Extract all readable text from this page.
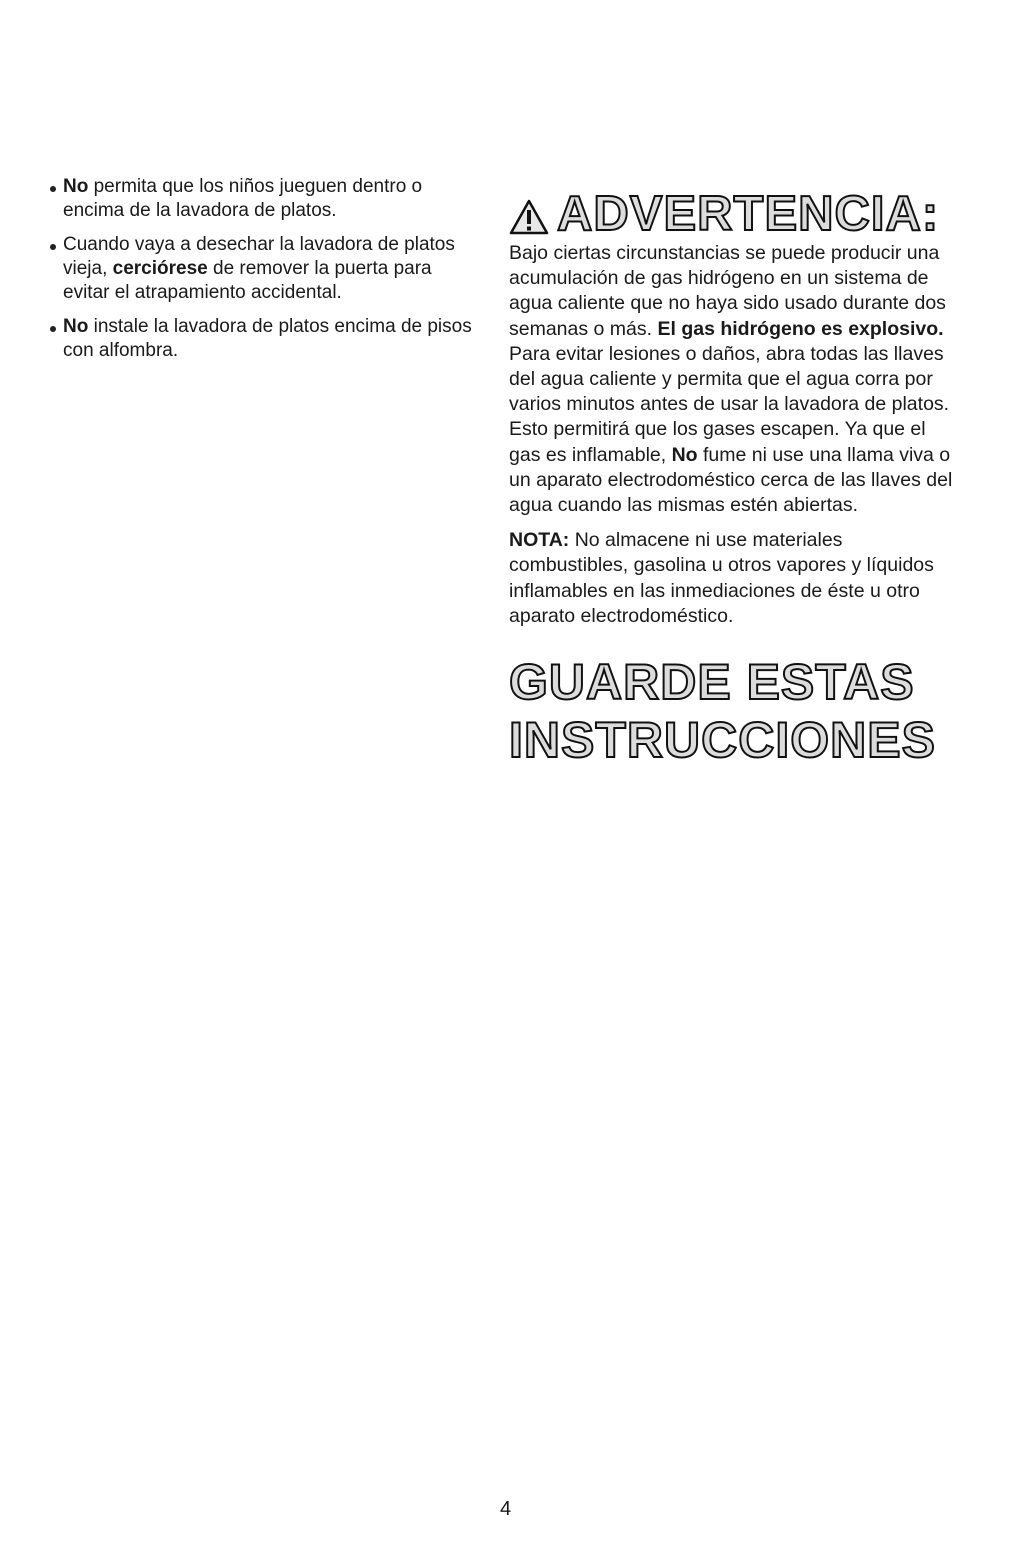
No permita que los niños jueguen dentro o encima de la lavadora de platos.
Cuando vaya a desechar la lavadora de platos vieja, cerciórese de remover la puerta para evitar el atrapamiento accidental.
No instale la lavadora de platos encima de pisos con alfombra.
ADVERTENCIA:

Bajo ciertas circunstancias se puede producir una acumulación de gas hidrógeno en un sistema de agua caliente que no haya sido usado durante dos semanas o más. El gas hidrógeno es explosivo. Para evitar lesiones o daños, abra todas las llaves del agua caliente y permita que el agua corra por varios minutos antes de usar la lavadora de platos. Esto permitirá que los gases escapen. Ya que el gas es inflamable, No fume ni use una llama viva o un aparato electrodoméstico cerca de las llaves del agua cuando las mismas estén abiertas.

NOTA: No almacene ni use materiales combustibles, gasolina u otros vapores y líquidos inflamables en las inmediaciones de éste u otro aparato electrodoméstico.

GUARDE ESTAS
INSTRUCCIONES
4
